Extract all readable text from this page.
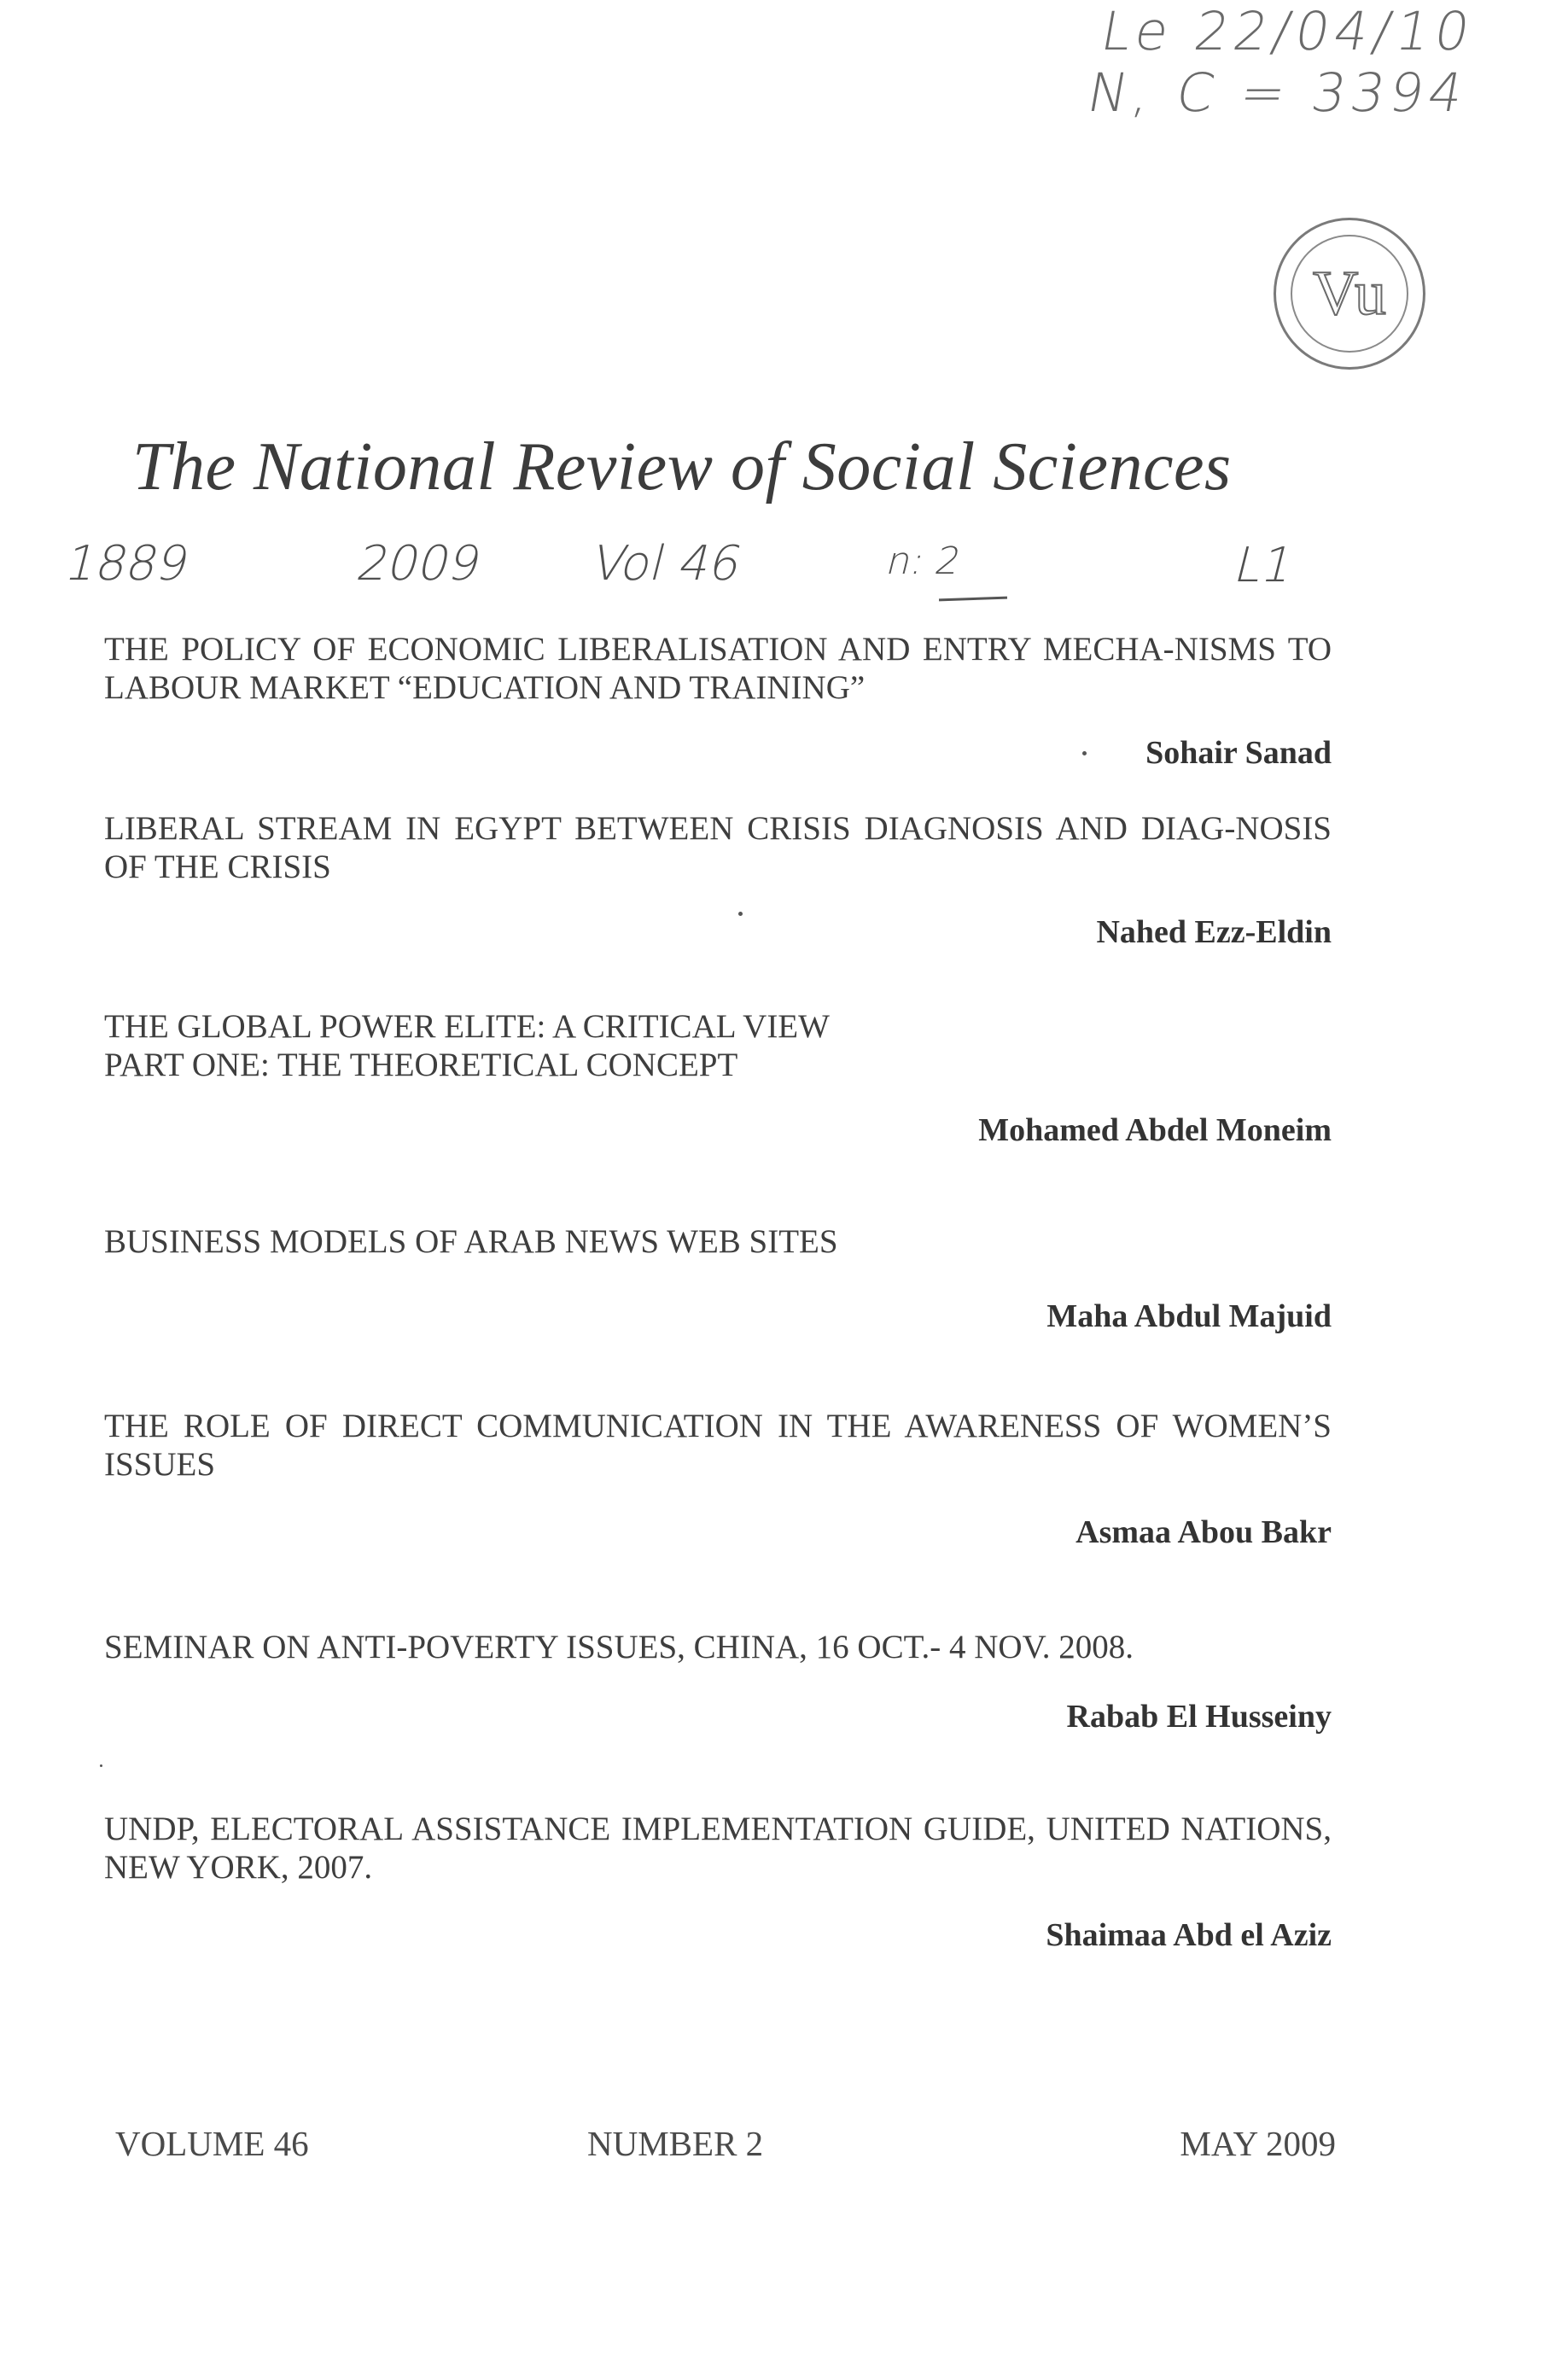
Le 22/04/10
N, C = 3394
Vu
The National Review of Social Sciences
1889	2009 Vol 46	n: 2	L1
THE POLICY OF ECONOMIC LIBERALISATION AND ENTRY MECHA-NISMS TO LABOUR MARKET “EDUCATION AND TRAINING”
Sohair Sanad
LIBERAL STREAM IN EGYPT BETWEEN CRISIS DIAGNOSIS AND DIAG-NOSIS OF THE CRISIS
Nahed Ezz-Eldin
THE GLOBAL POWER ELITE: A CRITICAL VIEW
PART ONE: THE THEORETICAL CONCEPT
Mohamed Abdel Moneim
BUSINESS MODELS OF ARAB NEWS WEB SITES
Maha Abdul Majuid
THE ROLE OF DIRECT COMMUNICATION IN THE AWARENESS OF WOMEN’S ISSUES
Asmaa Abou Bakr
SEMINAR ON ANTI-POVERTY ISSUES, CHINA, 16 OCT.- 4 NOV. 2008.
Rabab El Husseiny
UNDP, ELECTORAL ASSISTANCE IMPLEMENTATION GUIDE, UNITED NATIONS, NEW YORK, 2007.
Shaimaa Abd el Aziz
VOLUME 46	NUMBER 2	MAY 2009
